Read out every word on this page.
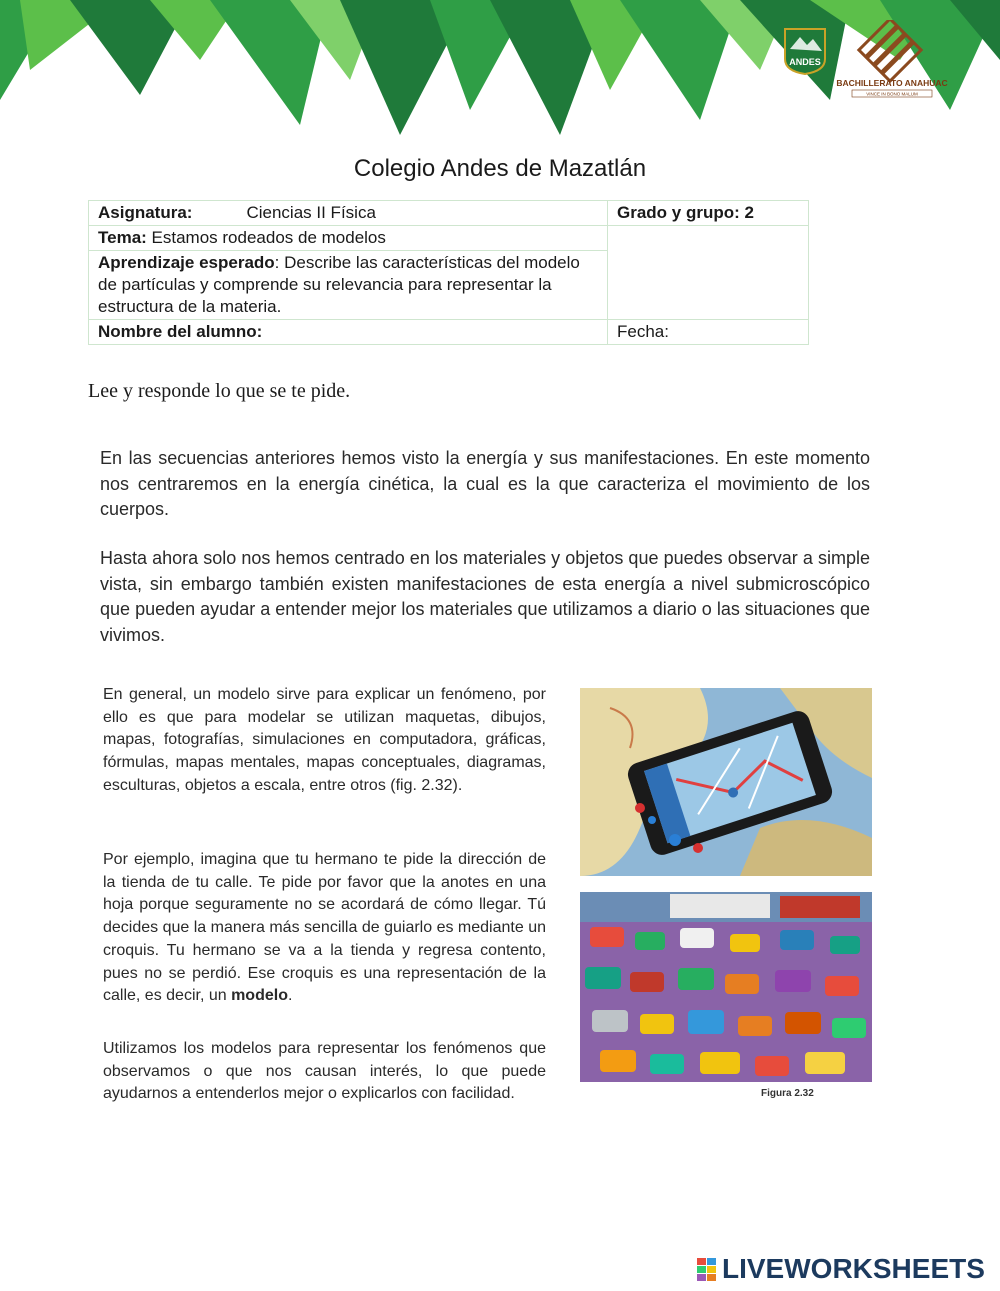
ANDES
BACHILLERATO ANAHUAC
VINCE IN BONO MALUM
Colegio Andes de Mazatlán
Asignatura: Ciencias II Física	Grado y grupo: 2
Tema: Estamos rodeados de modelos	
Aprendizaje esperado: Describe las características del modelo de partículas y comprende su relevancia para representar la estructura de la materia.	
Nombre del alumno:	Fecha:
Lee y responde lo que se te pide.

En las secuencias anteriores hemos visto la energía y sus manifestaciones. En este momento nos centraremos en la energía cinética, la cual es la que caracteriza el movimiento de los cuerpos.

Hasta ahora solo nos hemos centrado en los materiales y objetos que puedes observar a simple vista, sin embargo también existen manifestaciones de esta energía a nivel submicroscópico que pueden ayudar a entender mejor los materiales que utilizamos a diario o las situaciones que vivimos.

En general, un modelo sirve para explicar un fenómeno, por ello es que para modelar se utilizan maquetas, dibujos, mapas, fotografías, simulaciones en computadora, gráficas, fórmulas, mapas mentales, mapas conceptuales, diagramas, esculturas, objetos a escala, entre otros (fig. 2.32).

Por ejemplo, imagina que tu hermano te pide la dirección de la tienda de tu calle. Te pide por favor que la anotes en una hoja porque seguramente no se acordará de cómo llegar. Tú decides que la manera más sencilla de guiarlo es mediante un croquis. Tu hermano se va a la tienda y regresa contento, pues no se perdió. Ese croquis es una representación de la calle, es decir, un modelo.

Utilizamos los modelos para representar los fenómenos que observamos o que nos causan interés, lo que puede ayudarnos a entenderlos mejor o explicarlos con facilidad.	Figura 2.32
LIVEWORKSHEETS
